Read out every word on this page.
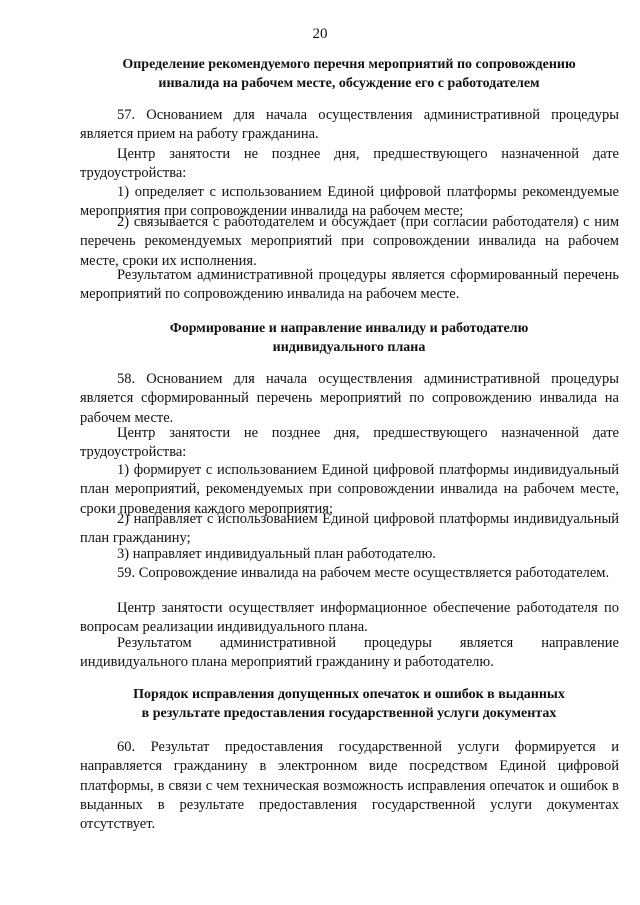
20
Определение рекомендуемого перечня мероприятий по сопровождению
инвалида на рабочем месте, обсуждение его с работодателем

57. Основанием для начала осуществления административной процедуры является прием на работу гражданина.

Центр занятости не позднее дня, предшествующего назначенной дате трудоустройства:

1) определяет с использованием Единой цифровой платформы рекомендуемые мероприятия при сопровождении инвалида на рабочем месте;

2) связывается с работодателем и обсуждает (при согласии работодателя) с ним перечень рекомендуемых мероприятий при сопровождении инвалида на рабочем месте, сроки их исполнения.

Результатом административной процедуры является сформированный перечень мероприятий по сопровождению инвалида на рабочем месте.

Формирование и направление инвалиду и работодателю
индивидуального плана

58. Основанием для начала осуществления административной процедуры является сформированный перечень мероприятий по сопровождению инвалида на рабочем месте.

Центр занятости не позднее дня, предшествующего назначенной дате трудоустройства:

1) формирует с использованием Единой цифровой платформы индивидуальный план мероприятий, рекомендуемых при сопровождении инвалида на рабочем месте, сроки проведения каждого мероприятия;

2) направляет с использованием Единой цифровой платформы индивидуальный план гражданину;

3) направляет индивидуальный план работодателю.

59. Сопровождение инвалида на рабочем месте осуществляется работодателем.

Центр занятости осуществляет информационное обеспечение работодателя по вопросам реализации индивидуального плана.

Результатом административной процедуры является направление индивидуального плана мероприятий гражданину и работодателю.

Порядок исправления допущенных опечаток и ошибок в выданных
в результате предоставления государственной услуги документах

60. Результат предоставления государственной услуги формируется и направляется гражданину в электронном виде посредством Единой цифровой платформы, в связи с чем техническая возможность исправления опечаток и ошибок в выданных в результате предоставления государственной услуги документах отсутствует.
